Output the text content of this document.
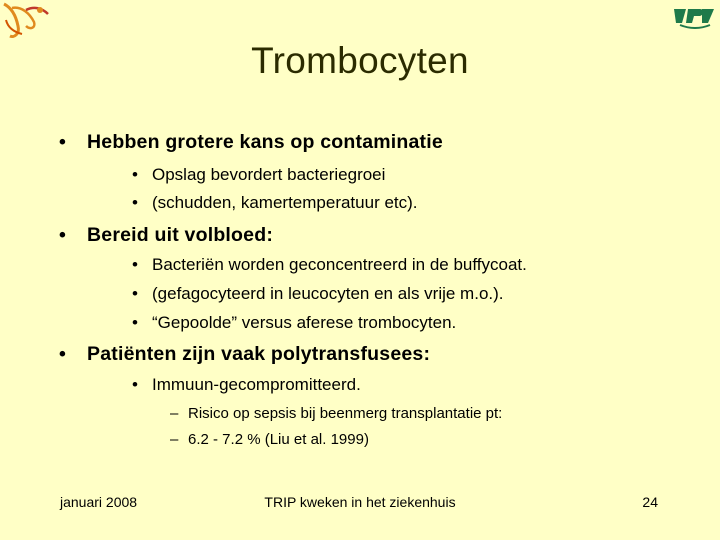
Trombocyten
• Hebben grotere kans op contaminatie
• Opslag bevordert bacteriegroei
• (schudden, kamertemperatuur etc).
• Bereid uit volbloed:
• Bacteriën worden geconcentreerd in de buffycoat.
• (gefagocyteerd in leucocyten en als vrije m.o.).
• “Gepoolde” versus aferese trombocyten.
• Patiënten zijn vaak polytransfusees:
• Immuun-gecompromitteerd.
– Risico op sepsis bij beenmerg transplantatie pt:
– 6.2 - 7.2 % (Liu et al. 1999)
januari 2008	TRIP kweken in het ziekenhuis	24
